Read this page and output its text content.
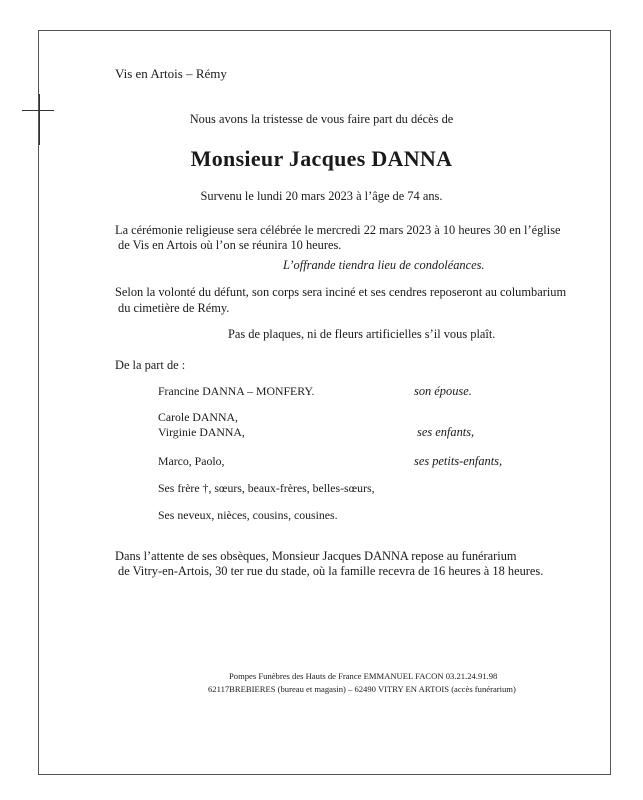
Vis en Artois – Rémy
Nous avons la tristesse de vous faire part du décès de
Monsieur Jacques DANNA
Survenu le lundi 20 mars 2023 à l’âge de 74 ans.
La cérémonie religieuse sera célébrée le mercredi 22 mars 2023 à 10 heures 30 en l’église
de Vis en Artois où l’on se réunira 10 heures.
L’offrande tiendra lieu de condoléances.
Selon la volonté du défunt, son corps sera inciné et ses cendres reposeront au columbarium
du cimetière de Rémy.
Pas de plaques, ni de fleurs artificielles s’il vous plaît.
De la part de :
Francine DANNA – MONFERY.	son épouse.
Carole DANNA,
Virginie DANNA,	ses enfants,
Marco, Paolo,	ses petits-enfants,
Ses frère †, sœurs, beaux-frères, belles-sœurs,
Ses neveux, nièces, cousins, cousines.
Dans l’attente de ses obsèques, Monsieur Jacques DANNA repose au funérarium
de Vitry-en-Artois, 30 ter rue du stade, où la famille recevra de 16 heures à 18 heures.
Pompes Funèbres des Hauts de France EMMANUEL FACON 03.21.24.91.98
62117BREBIERES (bureau et magasin) – 62490 VITRY EN ARTOIS (accès funérarium)
